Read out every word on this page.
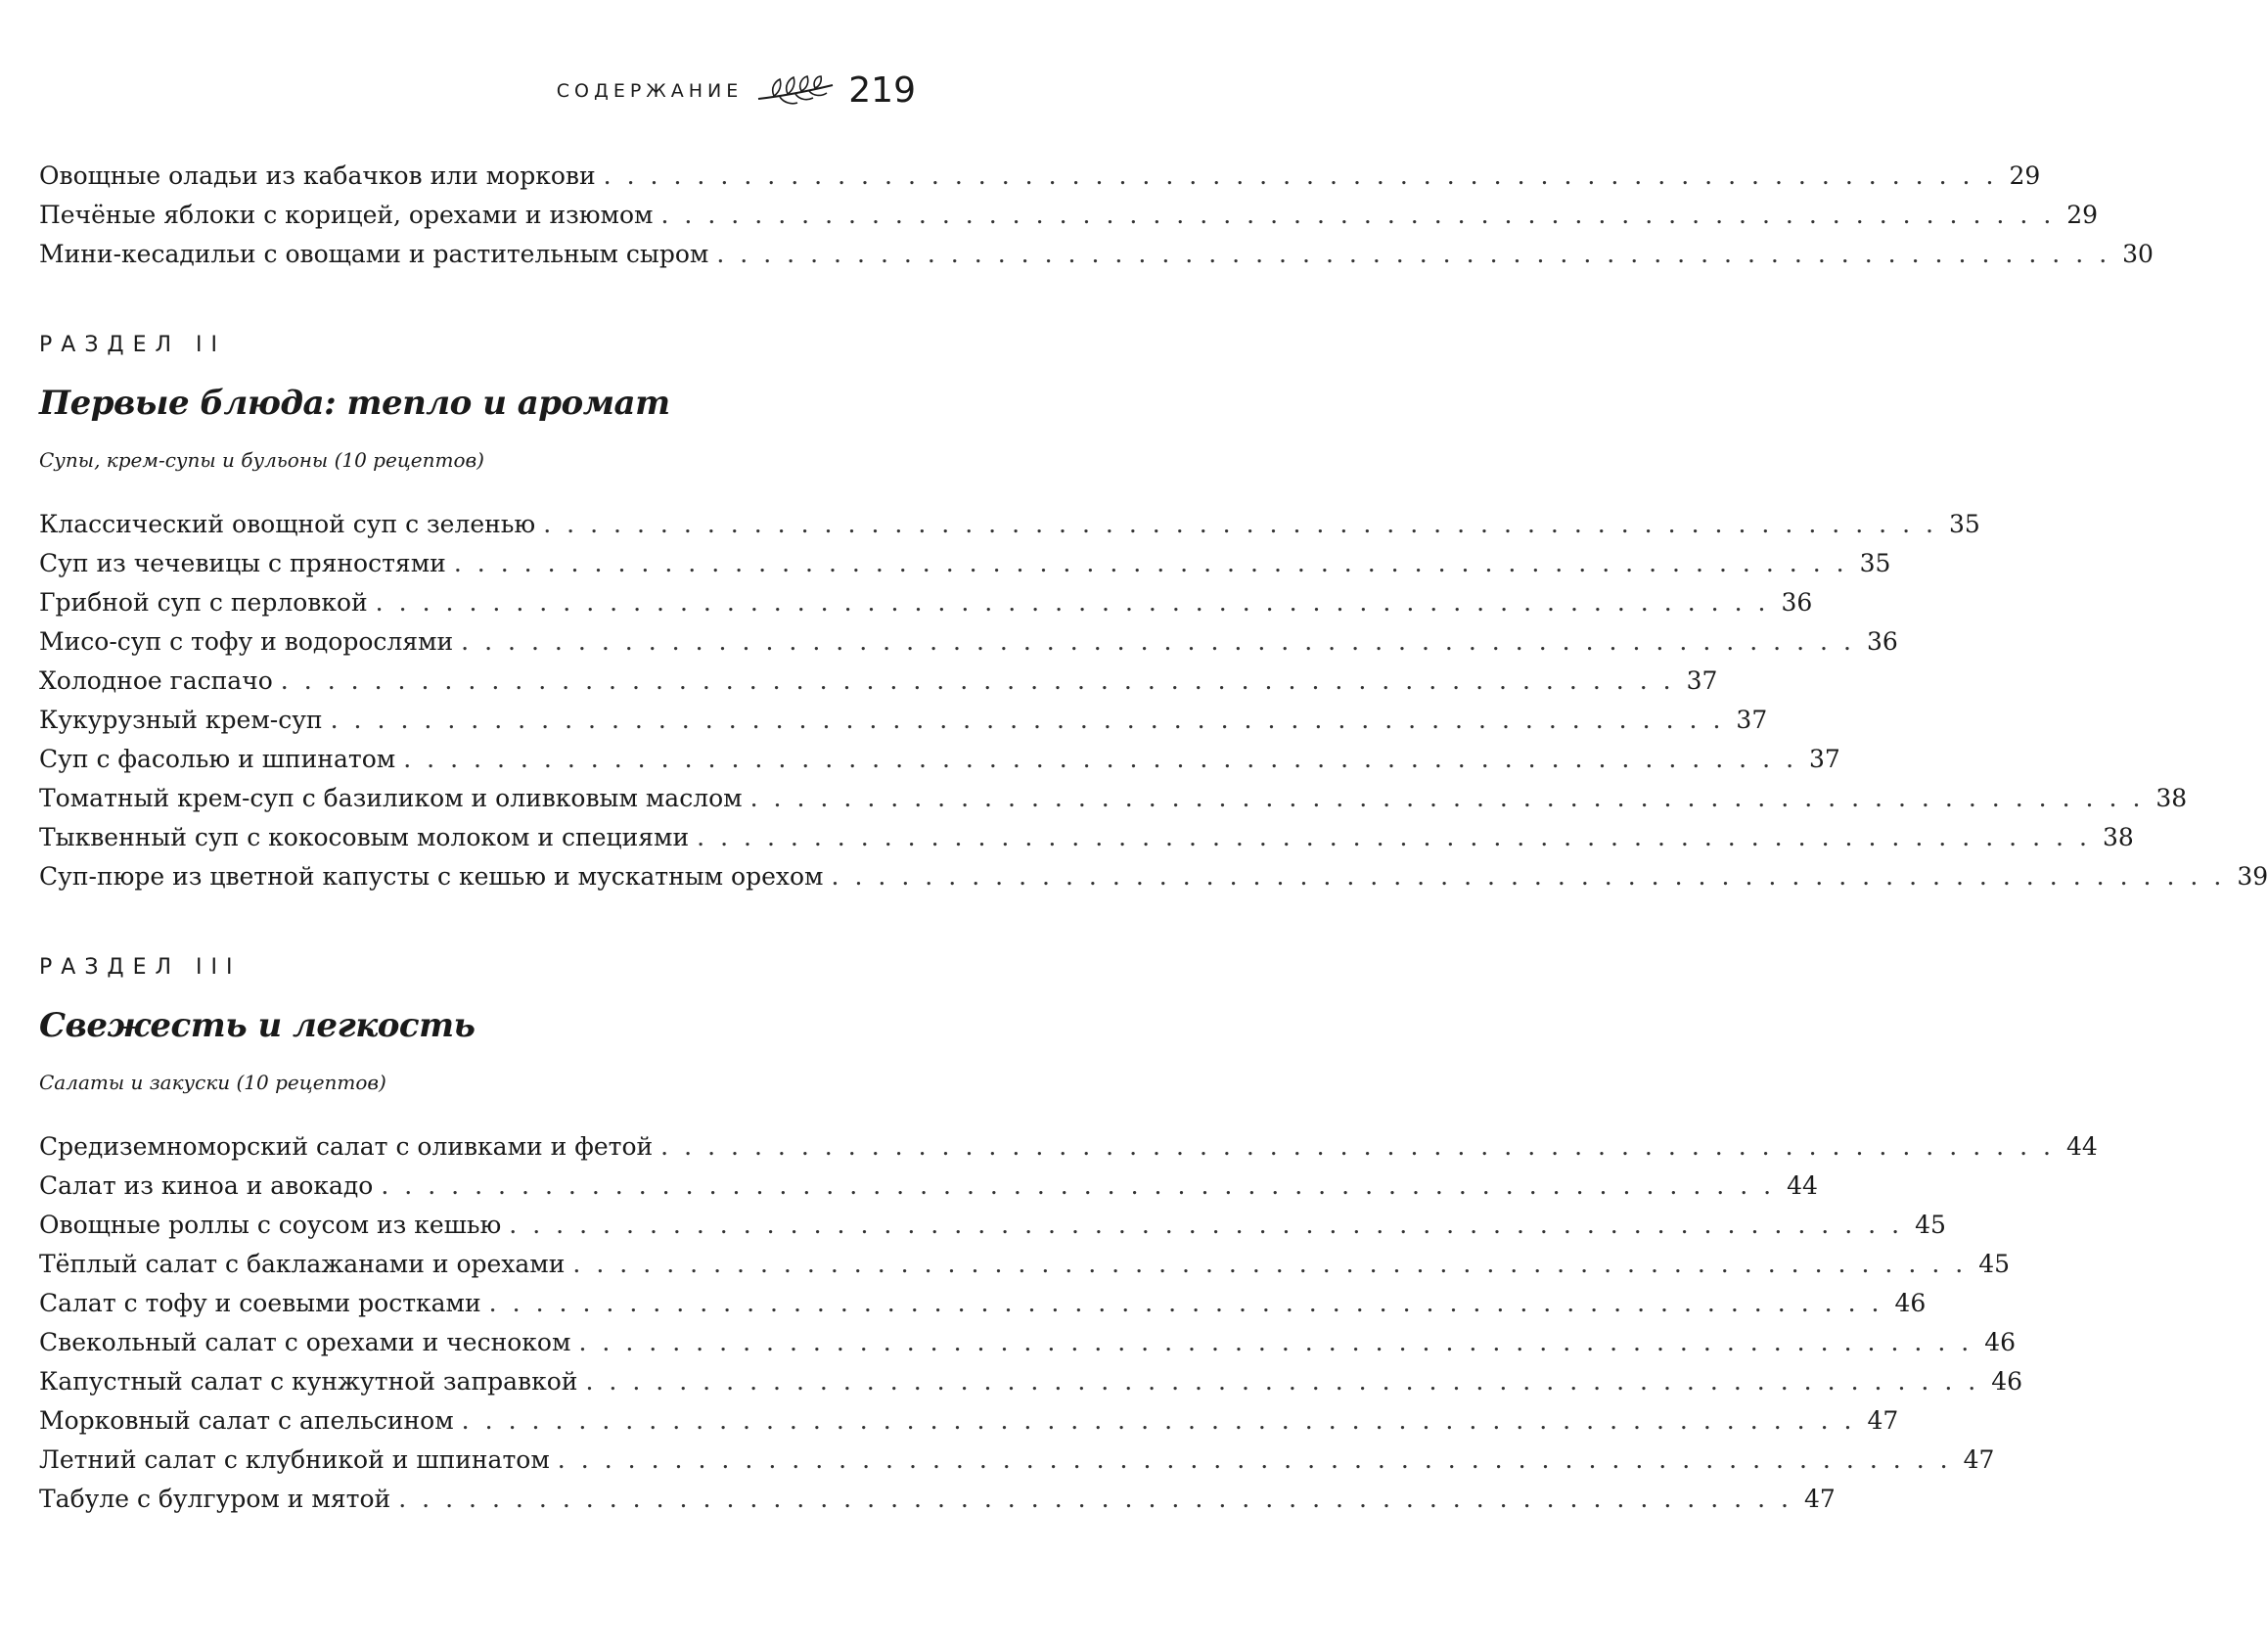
СОДЕРЖАНИЕ	219
Овощные оладьи из кабачков или моркови ............................................................ 29
Печёные яблоки с корицей, орехами и изюмом ............................................................ 29
Мини-кесадильи с овощами и растительным сыром ............................................................ 30
РАЗДЕЛ II
Первые блюда: тепло и аромат
Супы, крем-супы и бульоны (10 рецептов)
Классический овощной суп с зеленью ............................................................ 35
Суп из чечевицы с пряностями ............................................................ 35
Грибной суп с перловкой ............................................................ 36
Мисо-суп с тофу и водорослями ............................................................ 36
Холодное гаспачо ............................................................ 37
Кукурузный крем-суп ............................................................ 37
Суп с фасолью и шпинатом ............................................................ 37
Томатный крем-суп с базиликом и оливковым маслом ............................................................ 38
Тыквенный суп с кокосовым молоком и специями ............................................................ 38
Суп-пюре из цветной капусты с кешью и мускатным орехом ............................................................ 39
РАЗДЕЛ III
Свежесть и легкость
Салаты и закуски (10 рецептов)
Средиземноморский салат с оливками и фетой ............................................................ 44
Салат из киноа и авокадо ............................................................ 44
Овощные роллы с соусом из кешью ............................................................ 45
Тёплый салат с баклажанами и орехами ............................................................ 45
Салат с тофу и соевыми ростками ............................................................ 46
Свекольный салат с орехами и чесноком ............................................................ 46
Капустный салат с кунжутной заправкой ............................................................ 46
Морковный салат с апельсином ............................................................ 47
Летний салат с клубникой и шпинатом ............................................................ 47
Табуле с булгуром и мятой ............................................................ 47
